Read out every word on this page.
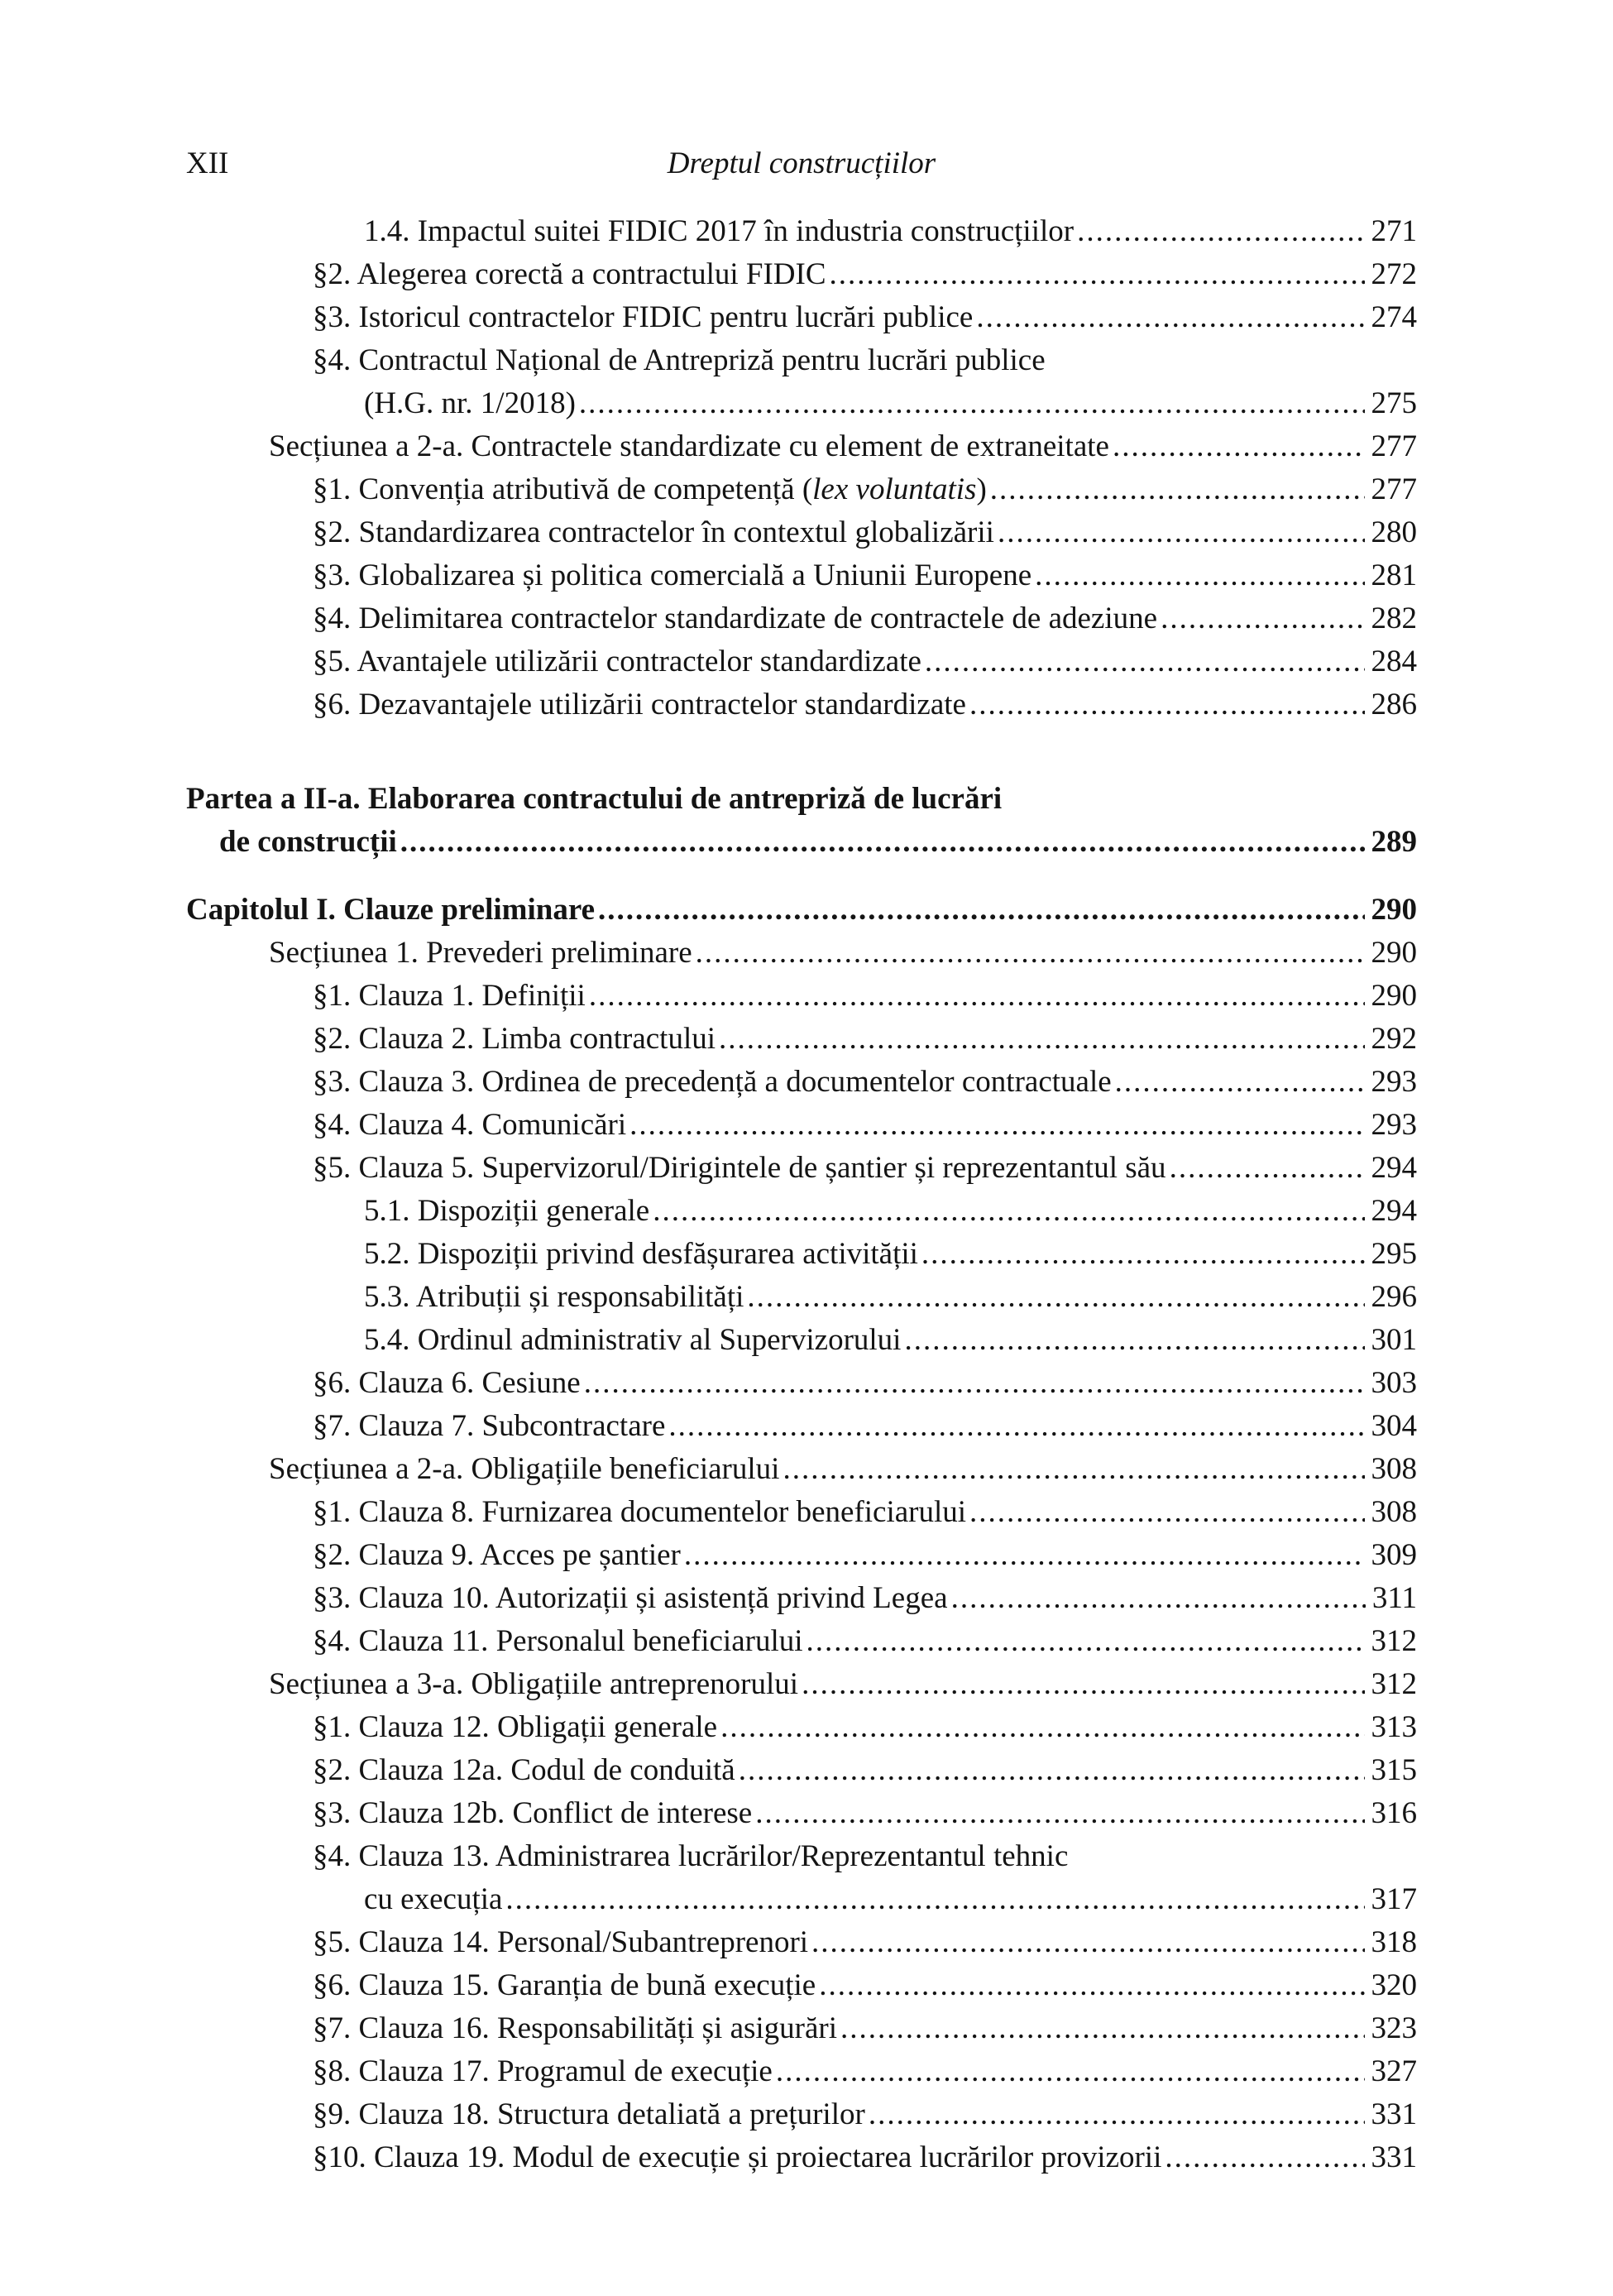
XII	Dreptul construcțiilor
1.4. Impactul suitei FIDIC 2017 în industria construcțiilor .....	271
§2. Alegerea corectă a contractului FIDIC .....	272
§3. Istoricul contractelor FIDIC pentru lucrări publice .....	274
§4. Contractul Național de Antrepriză pentru lucrări publice
(H.G. nr. 1/2018) .....	275
Secțiunea a 2-a. Contractele standardizate cu element de extraneitate .....	277
§1. Convenția atributivă de competență (lex voluntatis) .....	277
§2. Standardizarea contractelor în contextul globalizării .....	280
§3. Globalizarea și politica comercială a Uniunii Europene .....	281
§4. Delimitarea contractelor standardizate de contractele de adeziune .....	282
§5. Avantajele utilizării contractelor standardizate .....	284
§6. Dezavantajele utilizării contractelor standardizate .....	286
Partea a II-a. Elaborarea contractului de antrepriză de lucrări
de construcții .....	289
Capitolul I. Clauze preliminare .....	290
Secțiunea 1. Prevederi preliminare .....	290
§1. Clauza 1. Definiții .....	290
§2. Clauza 2. Limba contractului .....	292
§3. Clauza 3. Ordinea de precedență a documentelor contractuale .....	293
§4. Clauza 4. Comunicări .....	293
§5. Clauza 5. Supervizorul/Dirigintele de șantier și reprezentantul său .....	294
5.1. Dispoziții generale .....	294
5.2. Dispoziții privind desfășurarea activității .....	295
5.3. Atribuții și responsabilități .....	296
5.4. Ordinul administrativ al Supervizorului .....	301
§6. Clauza 6. Cesiune .....	303
§7. Clauza 7. Subcontractare .....	304
Secțiunea a 2-a. Obligațiile beneficiarului .....	308
§1. Clauza 8. Furnizarea documentelor beneficiarului .....	308
§2. Clauza 9. Acces pe șantier .....	309
§3. Clauza 10. Autorizații și asistență privind Legea .....	311
§4. Clauza 11. Personalul beneficiarului .....	312
Secțiunea a 3-a. Obligațiile antreprenorului .....	312
§1. Clauza 12. Obligații generale .....	313
§2. Clauza 12a. Codul de conduită .....	315
§3. Clauza 12b. Conflict de interese .....	316
§4. Clauza 13. Administrarea lucrărilor/Reprezentantul tehnic
cu execuția .....	317
§5. Clauza 14. Personal/Subantreprenori .....	318
§6. Clauza 15. Garanția de bună execuție .....	320
§7. Clauza 16. Responsabilități și asigurări .....	323
§8. Clauza 17. Programul de execuție .....	327
§9. Clauza 18. Structura detaliată a prețurilor .....	331
§10. Clauza 19. Modul de execuție și proiectarea lucrărilor provizorii .....	331
